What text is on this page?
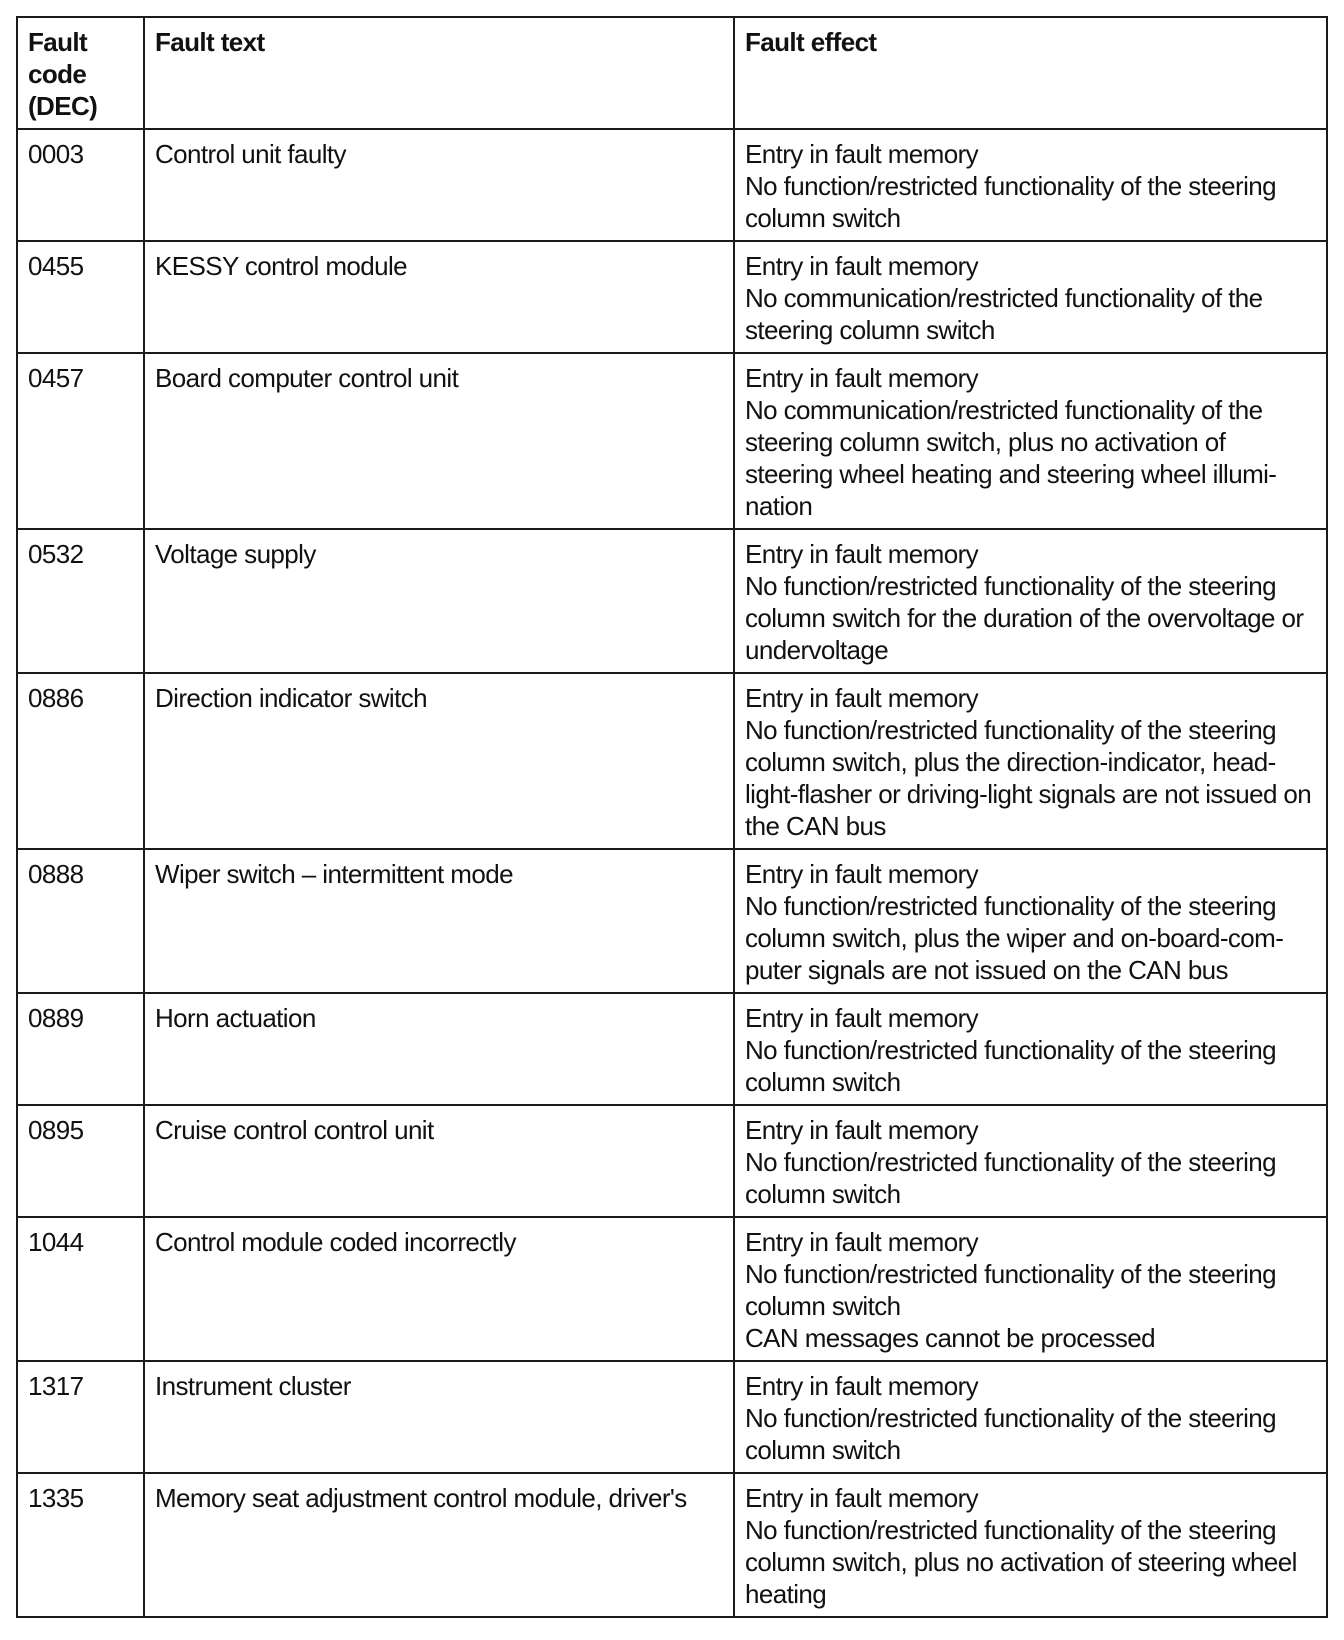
Fault code (DEC)	Fault text	Fault effect
0003	Control unit faulty	Entry in fault memory
No function/restricted functionality of the steering column switch

0455	KESSY control module	Entry in fault memory
No communication/restricted functionality of the steering column switch

0457	Board computer control unit	Entry in fault memory
No communication/restricted functionality of the steering column switch, plus no activation of steering wheel heating and steering wheel illumi-nation

0532	Voltage supply	Entry in fault memory
No function/restricted functionality of the steering column switch for the duration of the overvoltage or undervoltage

0886	Direction indicator switch	Entry in fault memory
No function/restricted functionality of the steering column switch, plus the direction-indicator, head-light-flasher or driving-light signals are not issued on the CAN bus

0888	Wiper switch – intermittent mode	Entry in fault memory
No function/restricted functionality of the steering column switch, plus the wiper and on-board-com-puter signals are not issued on the CAN bus

0889	Horn actuation	Entry in fault memory
No function/restricted functionality of the steering column switch

0895	Cruise control control unit	Entry in fault memory
No function/restricted functionality of the steering column switch

1044	Control module coded incorrectly	Entry in fault memory
No function/restricted functionality of the steering column switch
CAN messages cannot be processed

1317	Instrument cluster	Entry in fault memory
No function/restricted functionality of the steering column switch

1335	Memory seat adjustment control module, driver's	Entry in fault memory
No function/restricted functionality of the steering column switch, plus no activation of steering wheel heating
